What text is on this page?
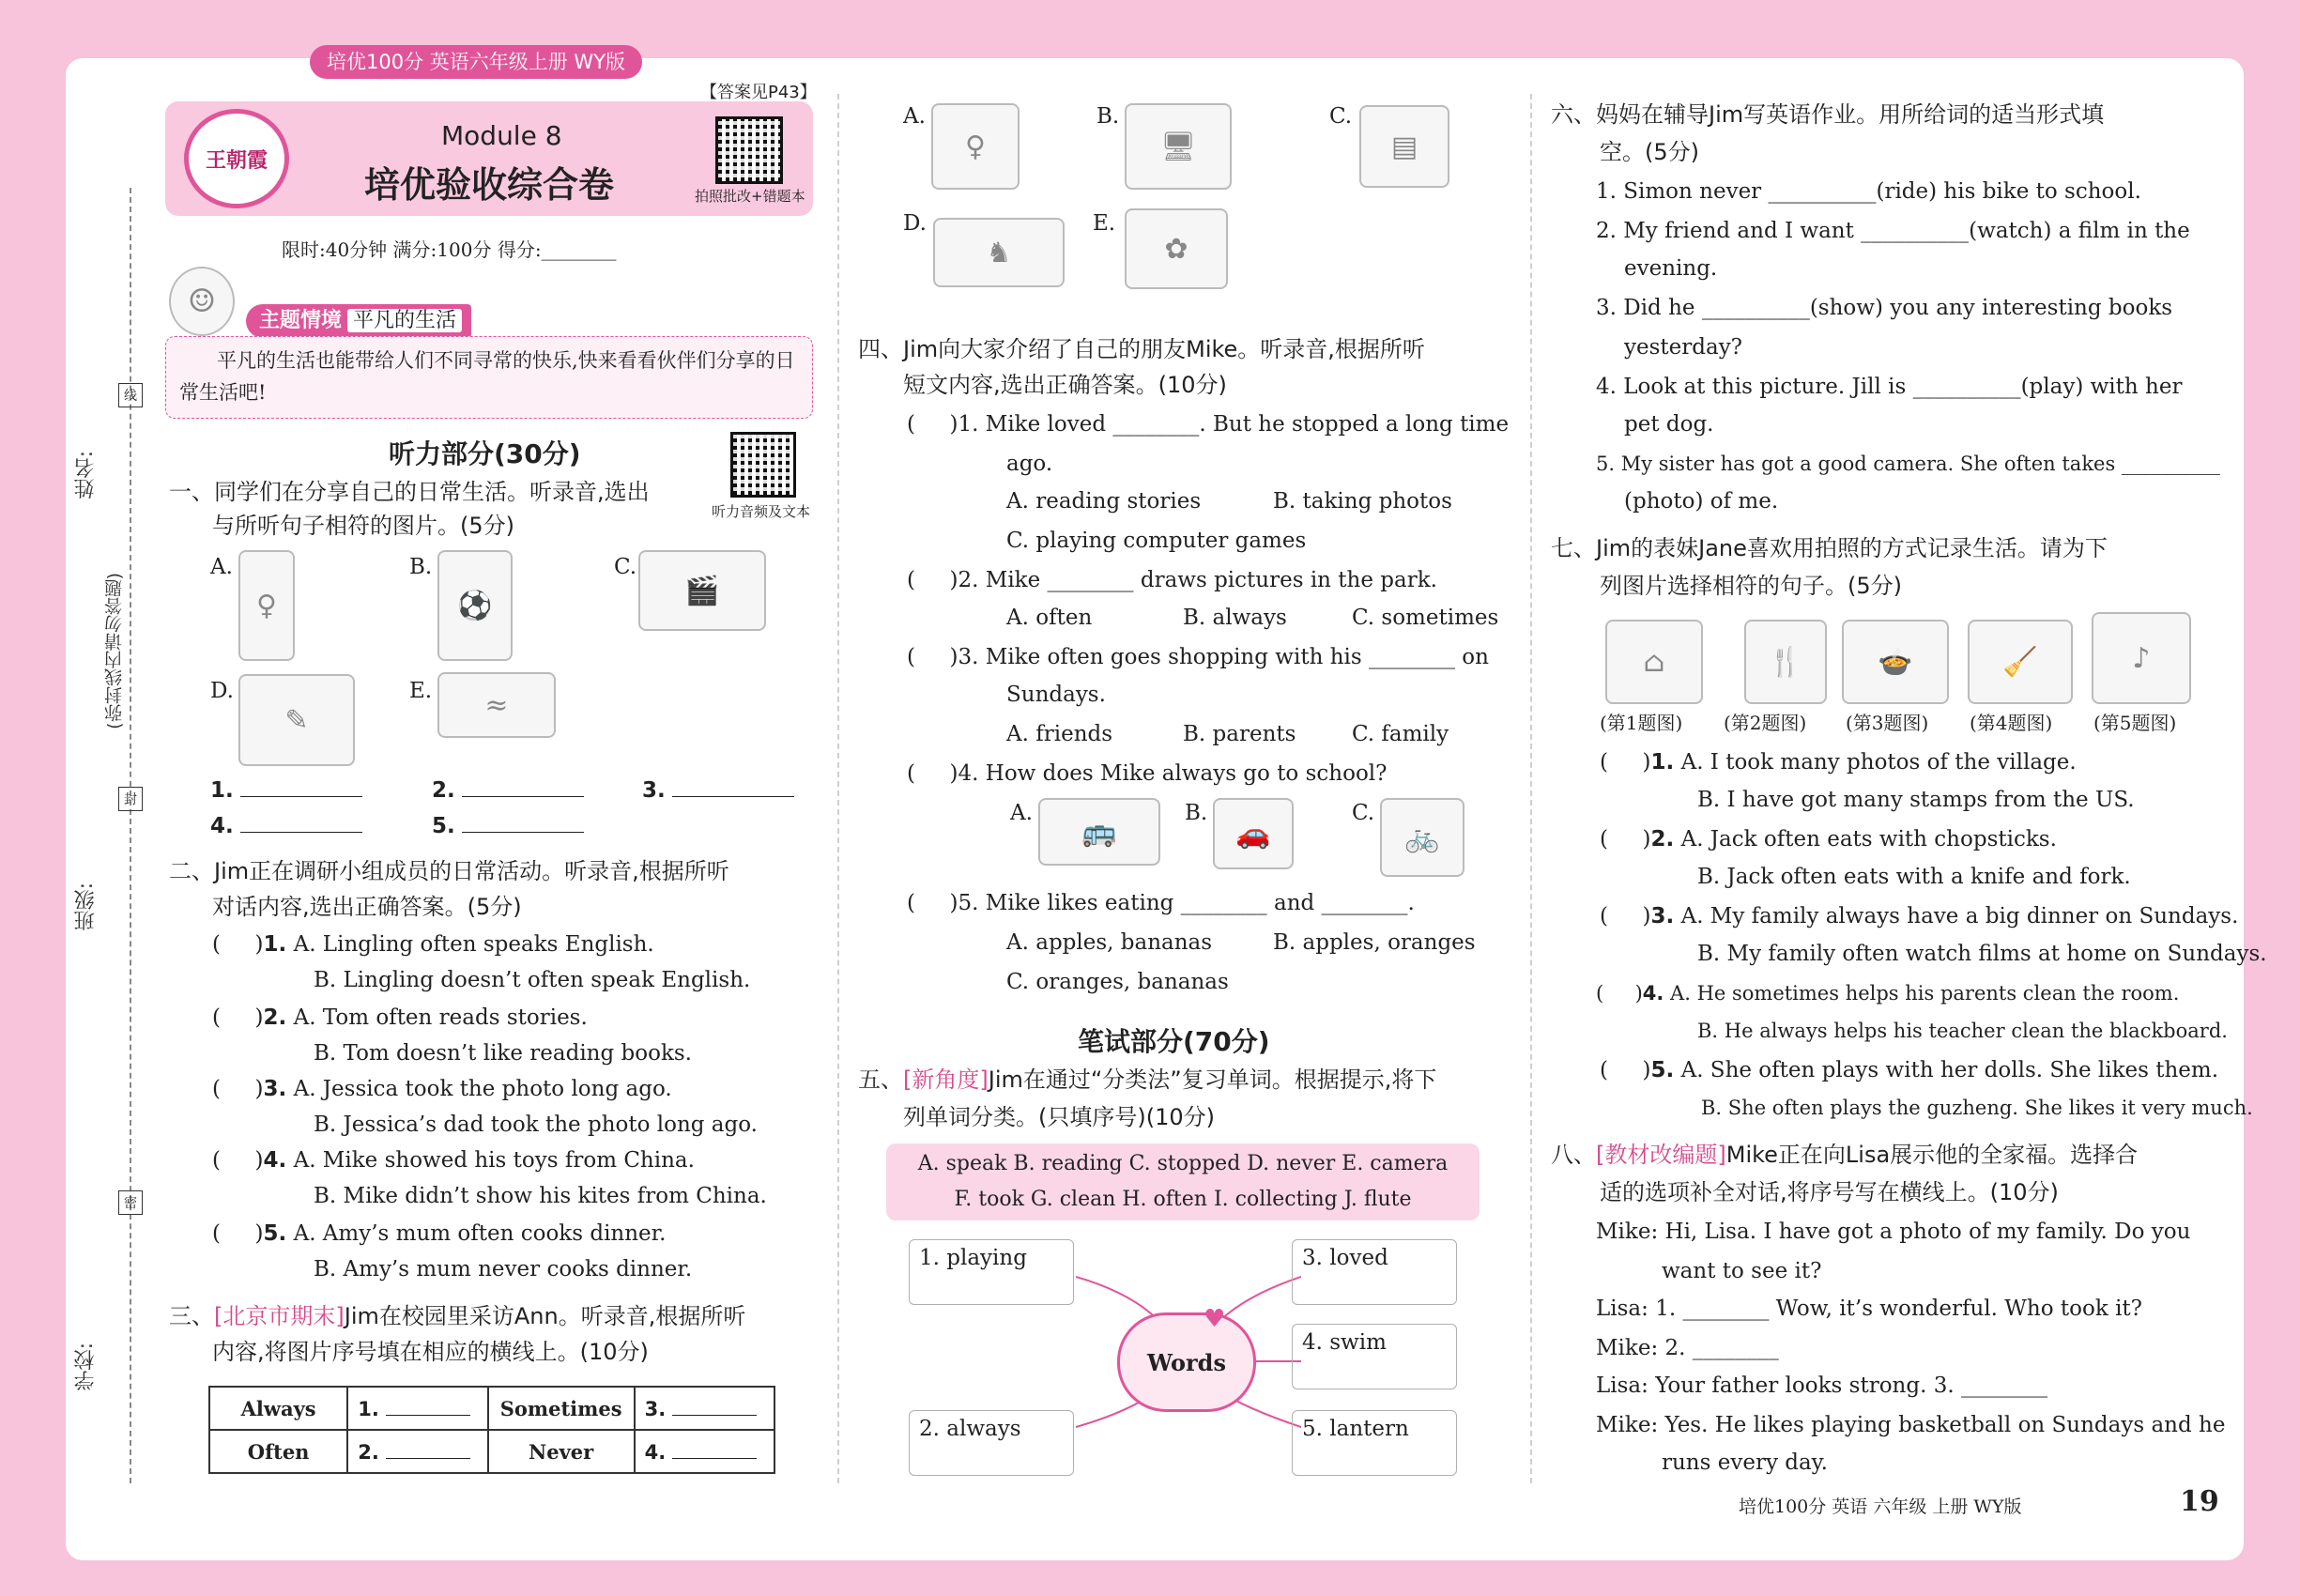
培优100分 英语六年级上册 WY版
姓名:
班级:
学校:
(弥封线内请勿答题)
线
封
密
王朝霞
【答案见P43】
Module 8
培优验收综合卷	拍照批改+错题本
限时:40分钟 满分:100分 得分:________
☺
主题情境 平凡的生活
平凡的生活也能带给人们不同寻常的快乐,快来看看伙伴们分享的日常生活吧!
听力部分(30分)
听力音频及文本
一、同学们在分享自己的日常生活。听录音,选出
与所听句子相符的图片。(5分)
A.
♀
B.
⚽
C.
🎬
D.
✎
E.	≈
1.	2.	3.
4.	5.
二、Jim正在调研小组成员的日常活动。听录音,根据所听
对话内容,选出正确答案。(5分)
(     )1. A. Lingling often speaks English.
B. Lingling doesn’t often speak English.
(     )2. A. Tom often reads stories.
B. Tom doesn’t like reading books.
(     )3. A. Jessica took the photo long ago.
B. Jessica’s dad took the photo long ago.
(     )4. A. Mike showed his toys from China.
B. Mike didn’t show his kites from China.
(     )5. A. Amy’s mum often cooks dinner.
B. Amy’s mum never cooks dinner.
三、[北京市期末]Jim在校园里采访Ann。听录音,根据所听
内容,将图片序号填在相应的横线上。(10分)
Always	1.	Sometimes	3.
Often	2.	Never	4.
A.
♀
B.
🖥
C.
▤
D.
♞
E.
✿
四、Jim向大家介绍了自己的朋友Mike。听录音,根据所听
短文内容,选出正确答案。(10分)
(     )1. Mike loved ________. But he stopped a long time
ago.
A. reading stories	B. taking photos
C. playing computer games
(     )2. Mike ________ draws pictures in the park.
A. often	B. always	C. sometimes
(     )3. Mike often goes shopping with his ________ on
Sundays.
A. friends	B. parents	C. family
(     )4. How does Mike always go to school?
A.
🚌
B.
🚗
C.
🚲
(     )5. Mike likes eating ________ and ________.
A. apples, bananas	B. apples, oranges
C. oranges, bananas
笔试部分(70分)
五、[新角度]Jim在通过“分类法”复习单词。根据提示,将下
列单词分类。(只填序号)(10分)
A. speak B. reading C. stopped D. never E. camera
F. took G. clean H. often I. collecting J. flute
1. playing
2. always
3. loved
4. swim
5. lantern
Words
♥
六、妈妈在辅导Jim写英语作业。用所给词的适当形式填
空。(5分)
1. Simon never __________(ride) his bike to school.
2. My friend and I want __________(watch) a film in the
evening.
3. Did he __________(show) you any interesting books
yesterday?
4. Look at this picture. Jill is __________(play) with her
pet dog.
5. My sister has got a good camera. She often takes __________
(photo) of me.
七、Jim的表妹Jane喜欢用拍照的方式记录生活。请为下
列图片选择相符的句子。(5分)
⌂	🍴	🍲	🧹	♪
(第1题图) (第2题图) (第3题图) (第4题图) (第5题图)
(     )1. A. I took many photos of the village.
B. I have got many stamps from the US.
(     )2. A. Jack often eats with chopsticks.
B. Jack often eats with a knife and fork.
(     )3. A. My family always have a big dinner on Sundays.
B. My family often watch films at home on Sundays.
(     )4. A. He sometimes helps his parents clean the room.
B. He always helps his teacher clean the blackboard.
(     )5. A. She often plays with her dolls. She likes them.
B. She often plays the guzheng. She likes it very much.
八、[教材改编题]Mike正在向Lisa展示他的全家福。选择合
适的选项补全对话,将序号写在横线上。(10分)
Mike: Hi, Lisa. I have got a photo of my family. Do you
want to see it?
Lisa: 1. ________ Wow, it’s wonderful. Who took it?
Mike: 2. ________
Lisa: Your father looks strong. 3. ________
Mike: Yes. He likes playing basketball on Sundays and he
runs every day.
培优100分 英语 六年级 上册 WY版	19
